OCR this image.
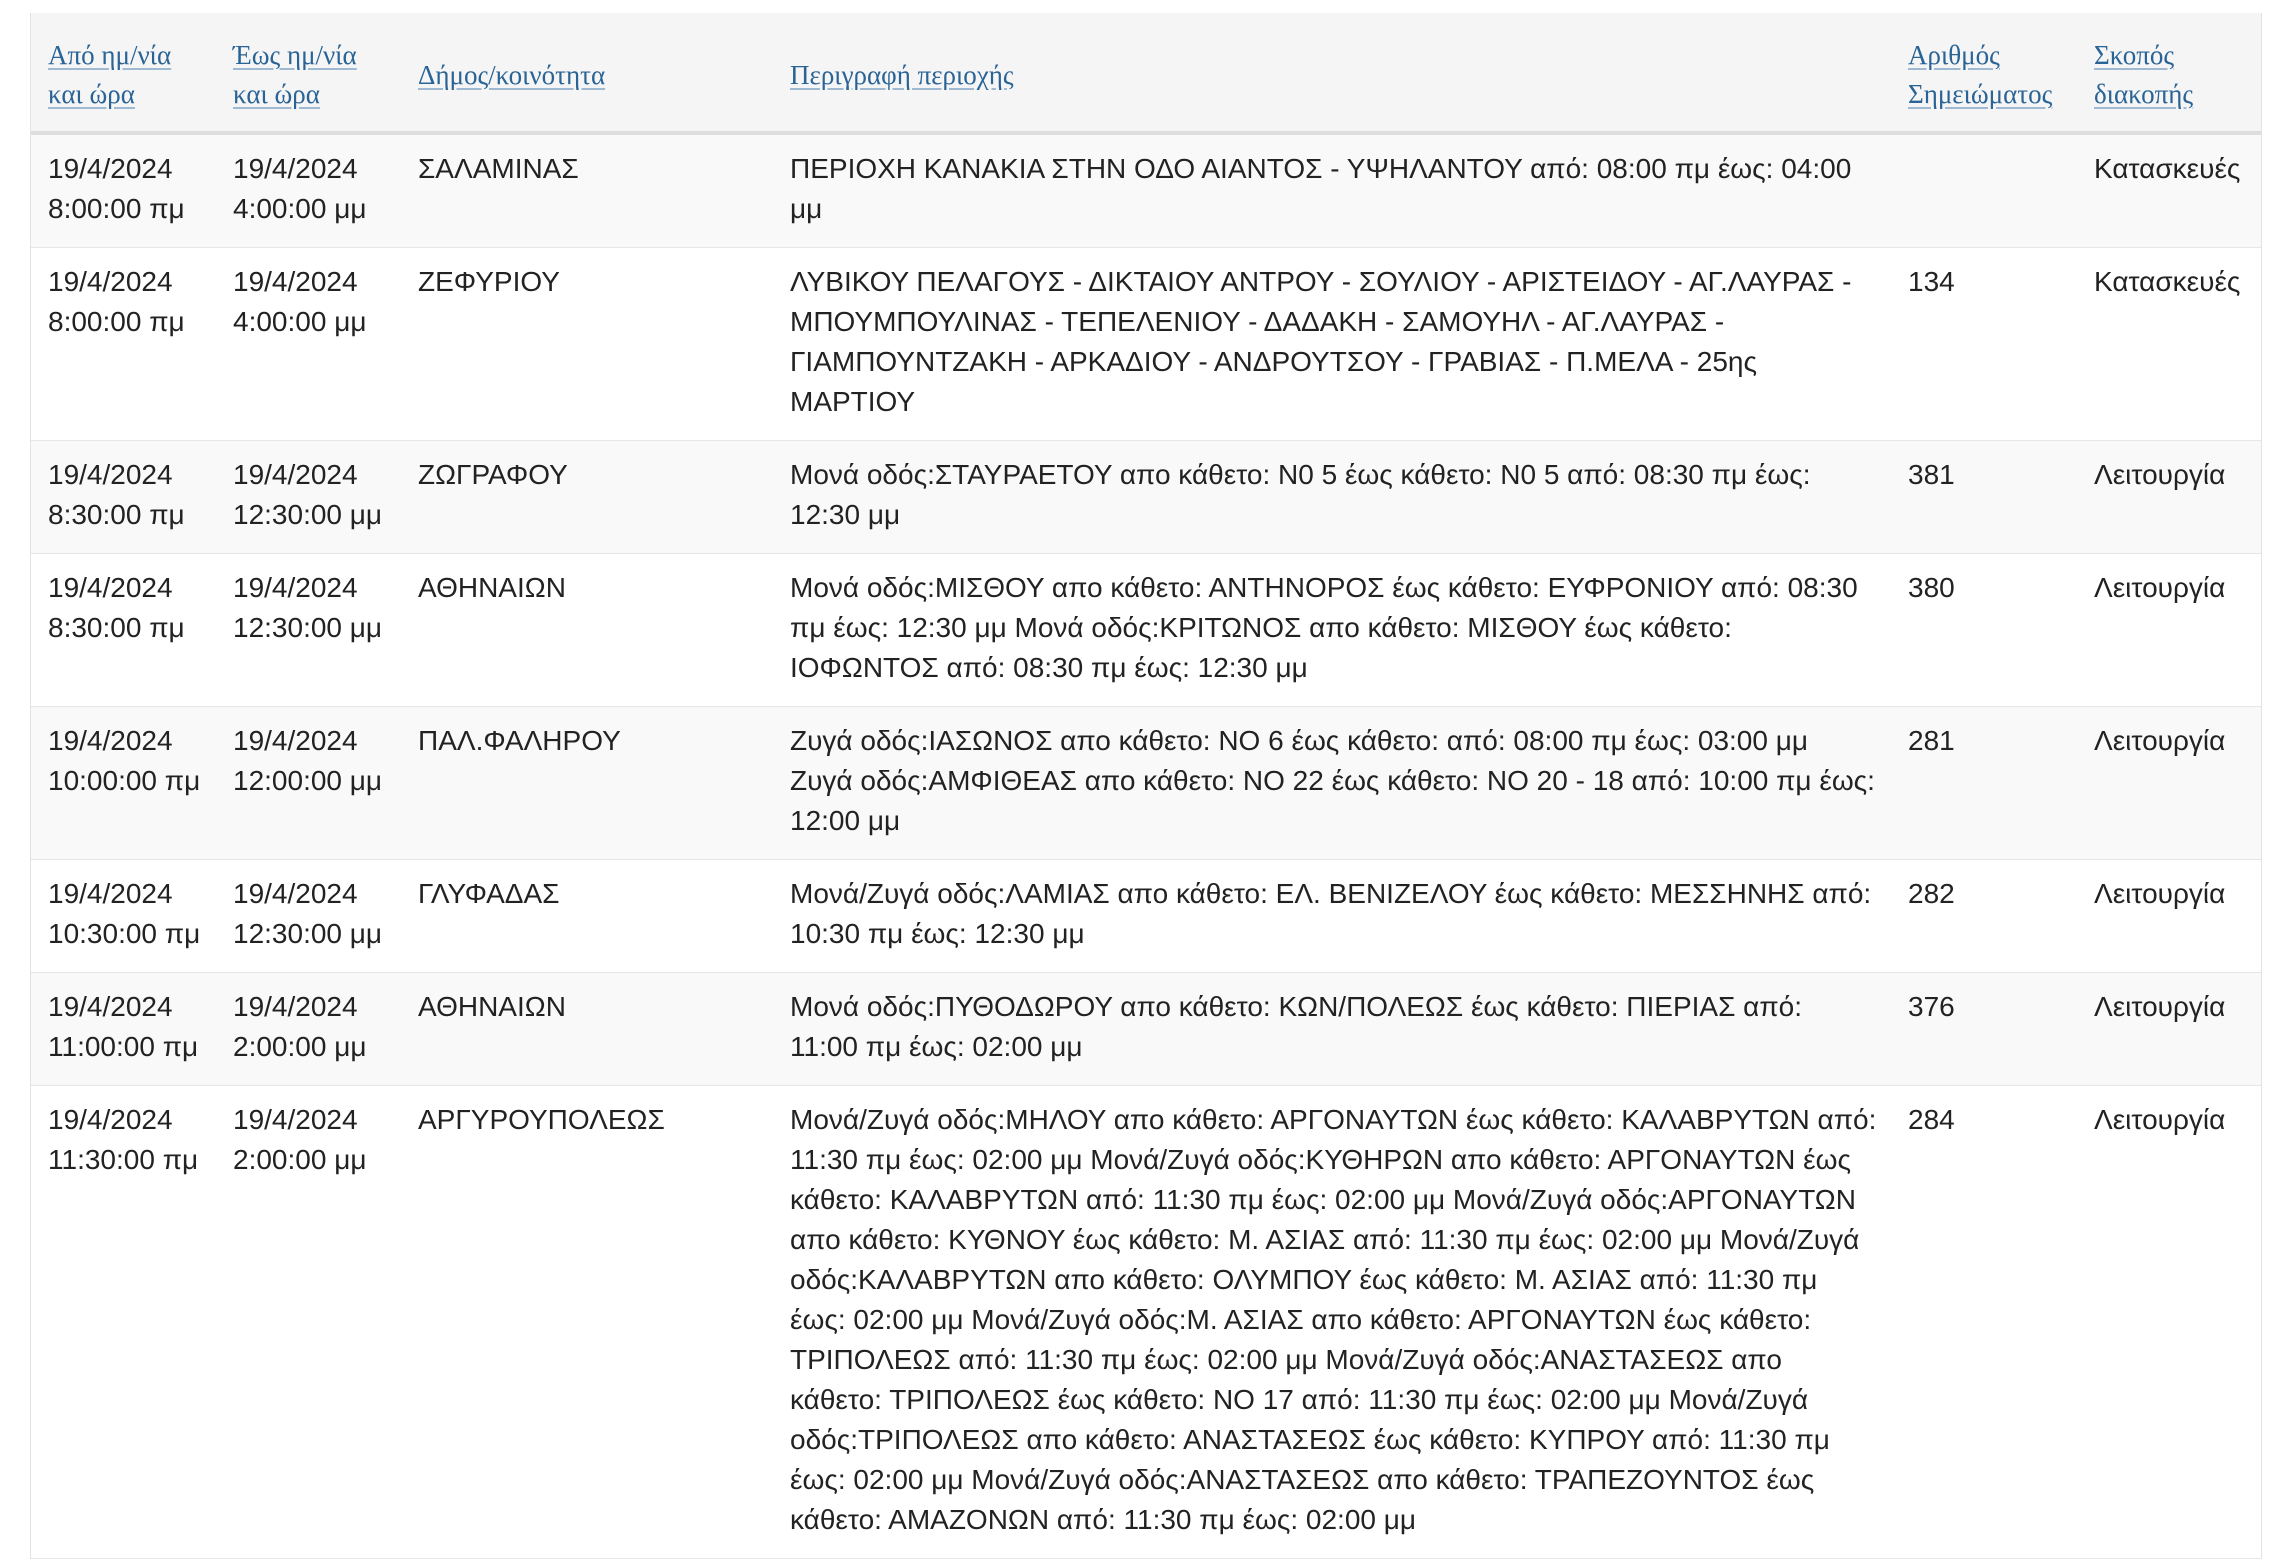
Από ημ/νία
και ώρα	Έως ημ/νία
και ώρα	Δήμος/κοινότητα	Περιγραφή περιοχής	Αριθμός
Σημειώματος	Σκοπός
διακοπής
19/4/2024
8:00:00 πμ	19/4/2024
4:00:00 μμ	ΣΑΛΑΜΙΝΑΣ	ΠΕΡΙΟΧΗ ΚΑΝΑΚΙΑ ΣΤΗΝ ΟΔΟ ΑΙΑΝΤΟΣ - ΥΨΗΛΑΝΤΟΥ από: 08:00 πμ έως: 04:00 μμ		Κατασκευές
19/4/2024
8:00:00 πμ	19/4/2024
4:00:00 μμ	ΖΕΦΥΡΙΟΥ	ΛΥΒΙΚΟΥ ΠΕΛΑΓΟΥΣ - ΔΙΚΤΑΙΟΥ ΑΝΤΡΟΥ - ΣΟΥΛΙΟΥ - ΑΡΙΣΤΕΙΔΟΥ - ΑΓ.ΛΑΥΡΑΣ - ΜΠΟΥΜΠΟΥΛΙΝΑΣ - ΤΕΠΕΛΕΝΙΟΥ - ΔΑΔΑΚΗ - ΣΑΜΟΥΗΛ - ΑΓ.ΛΑΥΡΑΣ - ΓΙΑΜΠΟΥΝΤΖΑΚΗ - ΑΡΚΑΔΙΟΥ - ΑΝΔΡΟΥΤΣΟΥ - ΓΡΑΒΙΑΣ - Π.ΜΕΛΑ - 25ης ΜΑΡΤΙΟΥ	134	Κατασκευές
19/4/2024
8:30:00 πμ	19/4/2024
12:30:00 μμ	ΖΩΓΡΑΦΟΥ	Μονά οδός:ΣΤΑΥΡΑΕΤΟΥ απο κάθετο: Ν0 5 έως κάθετο: Ν0 5 από: 08:30 πμ έως: 12:30 μμ	381	Λειτουργία
19/4/2024
8:30:00 πμ	19/4/2024
12:30:00 μμ	ΑΘΗΝΑΙΩΝ	Μονά οδός:ΜΙΣΘΟΥ απο κάθετο: ΑΝΤΗΝΟΡΟΣ έως κάθετο: ΕΥΦΡΟΝΙΟΥ από: 08:30 πμ έως: 12:30 μμ Μονά οδός:ΚΡΙΤΩΝΟΣ απο κάθετο: ΜΙΣΘΟΥ έως κάθετο: ΙΟΦΩΝΤΟΣ από: 08:30 πμ έως: 12:30 μμ	380	Λειτουργία
19/4/2024
10:00:00 πμ	19/4/2024
12:00:00 μμ	ΠΑΛ.ΦΑΛΗΡΟΥ	Ζυγά οδός:ΙΑΣΩΝΟΣ απο κάθετο: ΝΟ 6 έως κάθετο: από: 08:00 πμ έως: 03:00 μμ Ζυγά οδός:ΑΜΦΙΘΕΑΣ απο κάθετο: ΝΟ 22 έως κάθετο: ΝΟ 20 - 18 από: 10:00 πμ έως: 12:00 μμ	281	Λειτουργία
19/4/2024
10:30:00 πμ	19/4/2024
12:30:00 μμ	ΓΛΥΦΑΔΑΣ	Μονά/Ζυγά οδός:ΛΑΜΙΑΣ απο κάθετο: ΕΛ. ΒΕΝΙΖΕΛΟΥ έως κάθετο: ΜΕΣΣΗΝΗΣ από: 10:30 πμ έως: 12:30 μμ	282	Λειτουργία
19/4/2024
11:00:00 πμ	19/4/2024
2:00:00 μμ	ΑΘΗΝΑΙΩΝ	Μονά οδός:ΠΥΘΟΔΩΡΟΥ απο κάθετο: ΚΩΝ/ΠΟΛΕΩΣ έως κάθετο: ΠΙΕΡΙΑΣ από: 11:00 πμ έως: 02:00 μμ	376	Λειτουργία
19/4/2024
11:30:00 πμ	19/4/2024
2:00:00 μμ	ΑΡΓΥΡΟΥΠΟΛΕΩΣ	Μονά/Ζυγά οδός:ΜΗΛΟΥ απο κάθετο: ΑΡΓΟΝΑΥΤΩΝ έως κάθετο: ΚΑΛΑΒΡΥΤΩΝ από: 11:30 πμ έως: 02:00 μμ Μονά/Ζυγά οδός:ΚΥΘΗΡΩΝ απο κάθετο: ΑΡΓΟΝΑΥΤΩΝ έως κάθετο: ΚΑΛΑΒΡΥΤΩΝ από: 11:30 πμ έως: 02:00 μμ Μονά/Ζυγά οδός:ΑΡΓΟΝΑΥΤΩΝ απο κάθετο: ΚΥΘΝΟΥ έως κάθετο: Μ. ΑΣΙΑΣ από: 11:30 πμ έως: 02:00 μμ Μονά/Ζυγά οδός:ΚΑΛΑΒΡΥΤΩΝ απο κάθετο: ΟΛΥΜΠΟΥ έως κάθετο: Μ. ΑΣΙΑΣ από: 11:30 πμ έως: 02:00 μμ Μονά/Ζυγά οδός:Μ. ΑΣΙΑΣ απο κάθετο: ΑΡΓΟΝΑΥΤΩΝ έως κάθετο: ΤΡΙΠΟΛΕΩΣ από: 11:30 πμ έως: 02:00 μμ Μονά/Ζυγά οδός:ΑΝΑΣΤΑΣΕΩΣ απο κάθετο: ΤΡΙΠΟΛΕΩΣ έως κάθετο: ΝΟ 17 από: 11:30 πμ έως: 02:00 μμ Μονά/Ζυγά οδός:ΤΡΙΠΟΛΕΩΣ απο κάθετο: ΑΝΑΣΤΑΣΕΩΣ έως κάθετο: ΚΥΠΡΟΥ από: 11:30 πμ έως: 02:00 μμ Μονά/Ζυγά οδός:ΑΝΑΣΤΑΣΕΩΣ απο κάθετο: ΤΡΑΠΕΖΟΥΝΤΟΣ έως κάθετο: ΑΜΑΖΟΝΩΝ από: 11:30 πμ έως: 02:00 μμ	284	Λειτουργία
